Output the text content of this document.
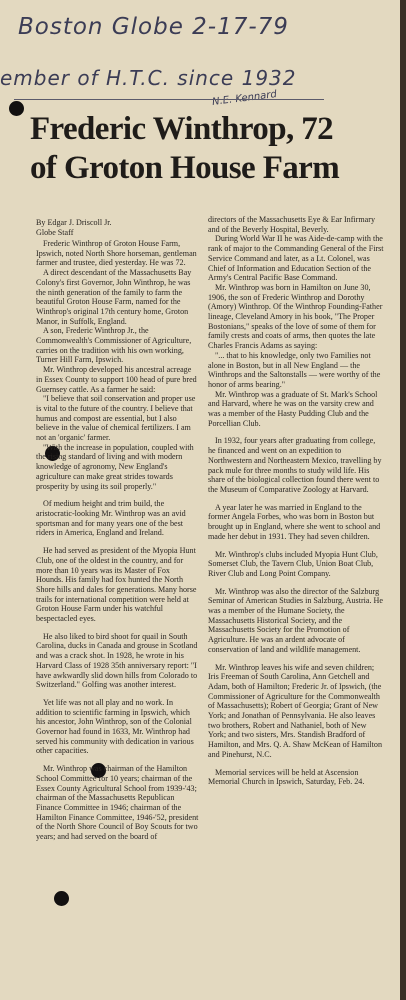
Boston Globe 2-17-79
ember of H.T.C. since 1932
N.E. Kennard
Frederic Winthrop, 72
of Groton House Farm
By Edgar J. Driscoll Jr.
Globe Staff

Frederic Winthrop of Groton House Farm, Ipswich, noted North Shore horseman, gentleman farmer and trustee, died yesterday. He was 72.

A direct descendant of the Massachusetts Bay Colony's first Governor, John Winthrop, he was the ninth generation of the family to farm the beautiful Groton House Farm, named for the Winthrop's original 17th century home, Groton Manor, in Suffolk, England.

A son, Frederic Winthrop Jr., the Commonwealth's Commissioner of Agriculture, carries on the tradition with his own working, Turner Hill Farm, Ipswich.

Mr. Winthrop developed his ancestral acreage in Essex County to support 100 head of pure bred Guernsey cattle. As a farmer he said:

"I believe that soil conservation and proper use is vital to the future of the country. I believe that humus and compost are essential, but I also believe in the value of chemical fertilizers. I am not an 'organic' farmer.

"With the increase in population, coupled with the rising standard of living and with modern knowledge of agronomy, New England's agriculture can make great strides towards prosperity by using its soil properly."

Of medium height and trim build, the aristocratic-looking Mr. Winthrop was an avid sportsman and for many years one of the best riders in America, England and Ireland.

He had served as president of the Myopia Hunt Club, one of the oldest in the country, and for more than 10 years was its Master of Fox Hounds. His family had fox hunted the North Shore hills and dales for generations. Many horse trails for international competition were held at Groton House Farm under his watchful bespectacled eyes.

He also liked to bird shoot for quail in South Carolina, ducks in Canada and grouse in Scotland and was a crack shot. In 1928, he wrote in his Harvard Class of 1928 35th anniversary report: "I have awkwardly slid down hills from Colorado to Switzerland." Golfing was another interest.

Yet life was not all play and no work. In addition to scientific farming in Ipswich, which his ancestor, John Winthrop, son of the Colonial Governor had found in 1633, Mr. Winthrop had served his community with dedication in various other capacities.

Mr. Winthrop was chairman of the Hamilton School Committee for 10 years; chairman of the Essex County Agricultural School from 1939-'43; chairman of the Massachusetts Republican Finance Committee in 1946; chairman of the Hamilton Finance Committee, 1946-'52, president of the North Shore Council of Boy Scouts for two years; and had served on the board of

directors of the Massachusetts Eye & Ear Infirmary and of the Beverly Hospital, Beverly.

During World War II he was Aide-de-camp with the rank of major to the Commanding General of the First Service Command and later, as a Lt. Colonel, was Chief of Information and Education Section of the Army's Central Pacific Base Command.

Mr. Winthrop was born in Hamilton on June 30, 1906, the son of Frederic Winthrop and Dorothy (Amory) Winthrop. Of the Winthrop Founding-Father lineage, Cleveland Amory in his book, "The Proper Bostonians," speaks of the love of some of them for family crests and coats of arms, then quotes the late Charles Francis Adams as saying:

"... that to his knowledge, only two Families not alone in Boston, but in all New England — the Winthrops and the Saltonstalls — were worthy of the honor of arms bearing."

Mr. Winthrop was a graduate of St. Mark's School and Harvard, where he was on the varsity crew and was a member of the Hasty Pudding Club and the Porcellian Club.

In 1932, four years after graduating from college, he financed and went on an expedition to Northwestern and Northeastern Mexico, travelling by pack mule for three months to study wild life. His share of the biological collection found there went to the Museum of Comparative Zoology at Harvard.

A year later he was married in England to the former Angela Forbes, who was born in Boston but brought up in England, where she went to school and made her debut in 1931. They had seven children.

Mr. Winthrop's clubs included Myopia Hunt Club, Somerset Club, the Tavern Club, Union Boat Club, River Club and Long Point Company.

Mr. Winthrop was also the director of the Salzburg Seminar of American Studies in Salzburg, Austria. He was a member of the Humane Society, the Massachusetts Historical Society, and the Massachusetts Society for the Promotion of Agriculture. He was an ardent advocate of conservation of land and wildlife management.

Mr. Winthrop leaves his wife and seven children; Iris Freeman of South Carolina, Ann Getchell and Adam, both of Hamilton; Frederic Jr. of Ipswich, (the Commissioner of Agriculture for the Commonwealth of Massachusetts); Robert of Georgia; Grant of New York; and Jonathan of Pennsylvania. He also leaves two brothers, Robert and Nathaniel, both of New York; and two sisters, Mrs. Standish Bradford of Hamilton, and Mrs. Q. A. Shaw McKean of Hamilton and Pinehurst, N.C.

Memorial services will be held at Ascension Memorial Church in Ipswich, Saturday, Feb. 24.
